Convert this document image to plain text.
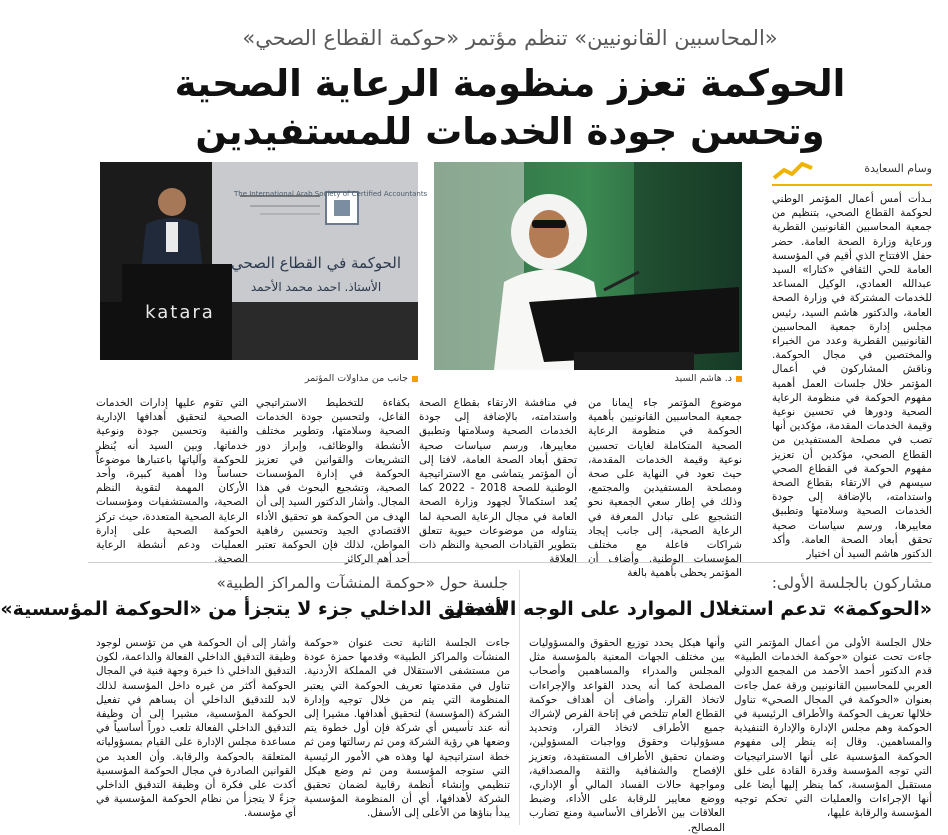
«المحاسبين القانونيين» تنظم مؤتمر «حوكمة القطاع الصحي»
الحوكمة تعزز منظومة الرعاية الصحية
وتحسن جودة الخدمات للمستفيدين
وسام السعايدة

بـدأت أمس أعمال المؤتمر الوطني لحوكمة القطاع الصحي، بتنظيم من جمعية المحاسبين القانونيين القطرية ورعاية وزارة الصحة العامة. حضر حفل الافتتاح الذي أقيم في المؤسسة العامة للحي الثقافي «كتارا» السيد عبدالله العمادي، الوكيل المساعد للخدمات المشتركة في وزارة الصحة العامة، والدكتور هاشم السيد، رئيس مجلس إدارة جمعية المحاسبين القانونيين القطرية وعدد من الخبراء والمختصين في مجال الحوكمة. وناقش المشاركون في أعمال المؤتمر خلال جلسات العمل أهمية مفهوم الحوكمة في منظومة الرعاية الصحية ودورها في تحسين نوعية وقيمة الخدمات المقدمة، مؤكدين أنها تصب في مصلحة المستفيدين من القطاع الصحي، مؤكدين أن تعزيز مفهوم الحوكمة في القطاع الصحي سيسهم في الارتقاء بقطاع الصحة واستدامته، بالإضافة إلى جودة الخدمات الصحية وسلامتها وتطبيق معاييرها، ورسم سياسات صحية تحقق أبعاد الصحة العامة. وأكد الدكتور هاشم السيد أن اختيار

د. هاشم السيد
The International Arab Society of Certified Accountants
الحوكمة في القطاع الصحي
الأستاذ. احمد محمد الأحمد
katara
جانب من مداولات المؤتمر

موضوع المؤتمر جاء إيمانا من جمعية المحاسبين القانونيين بأهمية الحوكمة في منظومة الرعاية الصحية المتكاملة لغايات تحسين نوعية وقيمة الخدمات المقدمة، حيث تعود في النهاية على صحة ومصلحة المستفيدين والمجتمع، وذلك في إطار سعي الجمعية نحو التشجيع على تبادل المعرفة في الرعاية الصحية، إلى جانب إيجاد شراكات فاعلة مع مختلف المؤسسات الوطنية. وأضاف أن المؤتمر يحظى بأهمية بالغة

في منافشة الارتقاء بقطاع الصحة واستدامته، بالإضافة إلى جودة الخدمات الصحية وسلامتها وتطبيق معاييرها، ورسم سياسات صحية تحقق أبعاد الصحة العامة، لافتا إلى أن المؤتمر يتماشى مع الاستراتيجية الوطنية للصحة 2018 - 2022 كما يُعد استكمالاً لجهود وزارة الصحة العامة في مجال الرعاية الصحية لما يتناوله من موضوعات حيوية تتعلق بتطوير القيادات الصحية والنظم ذات العلاقة

بكفاءة للتخطيط الاستراتيجي الفاعل، ولتحسين جودة الخدمات الصحية وسلامتها، وتطوير مختلف الأنشطة والوظائف، وإبراز دور التشريعات والقوانين في تعزيز الحوكمة في إدارة المؤسسات الصحية، وتشجيع البحوث في هذا المجال. وأشار الدكتور السيد إلى أن الهدف من الحوكمة هو تحقيق الأداء الاقتصادي الجيد وتحسين رفاهية المواطن، لذلك فإن الحوكمة تعتبر أحد أهم الركائز

التي تقوم عليها إدارات الخدمات الصحية لتحقيق أهدافها الإدارية والفنية وتحسين جودة ونوعية خدماتها. وبين السيد أنه يُنظر للحوكمة وآلياتها باعتبارها موضوعاً حساساً وذا أهمية كبيرة، وأحد الأركان المهمة لتقوية النظم الصحية، والمستشفيات ومؤسسات الرعاية الصحية المتعددة، حيث تركز الحوكمة الصحية على إدارة العمليات ودعم أنشطة الرعاية الصحية.

مشاركون بالجلسة الأولى:
«الحوكمة» تدعم استغلال الموارد على الوجه الأفضل

خلال الجلسة الأولى من أعمال المؤتمر التي جاءت تحت عنوان «حوكمة الخدمات الطبية» قدم الدكتور أحمد الأحمد من المجمع الدولي العربي للمحاسبين القانونيين ورقة عمل جاءت بعنوان «الحوكمة في المجال الصحي» تناول خلالها تعريف الحوكمة والأطراف الرئيسية في الحوكمة وهم مجلس الإدارة والإدارة التنفيذية والمساهمين. وقال إنه ينظر إلى مفهوم الحوكمة المؤسسية على أنها الاستراتيجيات التي توجه المؤسسة وقدرة القادة على خلق مستقبل المؤسسة، كما ينظر إليها أيضا على أنها الإجراءات والعمليات التي تحكم توجيه المؤسسة والرقابة عليها،

وأنها هيكل يحدد توزيع الحقوق والمسؤوليات بين مختلف الجهات المعنية بالمؤسسة مثل المجلس والمدراء والمساهمين وأصحاب المصلحة كما أنه يحدد القواعد والإجراءات لاتخاذ القرار. وأضاف أن أهداف حوكمة القطاع العام تتلخص في إتاحة الفرص لإشراك جميع الأطراف لاتخاذ القرار، وتحديد مسؤوليات وحقوق وواجبات المسؤولين، وضمان تحقيق الأطراف المستفيدة، وتعزيز الإفصاح والشفافية والثقة والمصداقية، ومواجهة حالات الفساد المالي أو الإداري، ووضع معايير للرقابة على الأداء، وضبط العلاقات بين الأطراف الأساسية ومنع تضارب المصالح.

جلسة حول «حوكمة المنشآت والمراكز الطبية»
التدقيق الداخلي جزء لا يتجزأ من «الحوكمة المؤسسية»

جاءت الجلسة الثانية تحت عنوان «حوكمة المنشآت والمراكز الطبية» وقدمها حمزة عودة من مستشفى الاستقلال في المملكة الأردنية. تناول في مقدمتها تعريف الحوكمة التي يعتبر المنظومة التي يتم من خلال توجيه وإدارة الشركة (المؤسسة) لتحقيق أهدافها. مشيرا إلى أنه عند تأسيس أي شركة فإن أول خطوة يتم وضعها هي رؤية الشركة ومن ثم رسالتها ومن ثم خطة استراتيجية لها وهذه هي الأمور الرئيسية التي ستوجه المؤسسة ومن ثم وضع هيكل تنظيمي وإنشاء أنظمة رقابية لضمان تحقيق الشركة لأهدافها، أي أن المنظومة المؤسسية يبدأ بناؤها من الأعلى إلى الأسفل.

وأشار إلى أن الحوكمة هي من تؤسس لوجود وظيفة التدقيق الداخلي الفعالة والداعمة، لكون التدقيق الداخلي ذا خبرة وجهة فنية في المجال الحوكمة أكثر من غيره داخل المؤسسة لذلك لابد للتدقيق الداخلي أن يساهم في تفعيل الحوكمة المؤسسية، مشيرا إلى أن وظيفة التدقيق الداخلي الفعالة تلعب دوراً أساسياً في مساعدة مجلس الإدارة على القيام بمسؤولياته المتعلقة بالحوكمة والرقابة. وأن العديد من القوانين الصادرة في مجال الحوكمة المؤسسية أكدت على فكرة أن وظيفة التدقيق الداخلي جزءً لا يتجزأ من نظام الحوكمة المؤسسية في أي مؤسسة.
